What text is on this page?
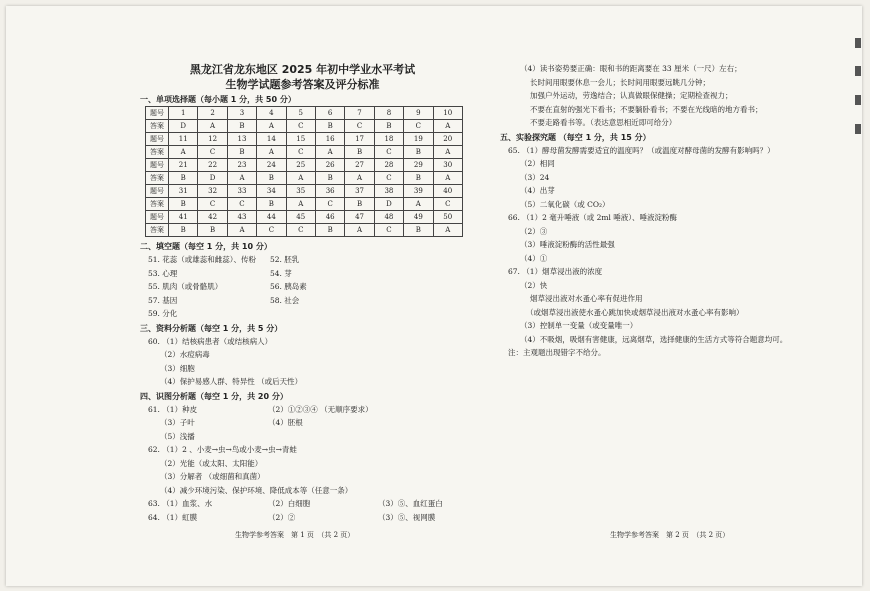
黑龙江省龙东地区 2025 年初中学业水平考试
生物学试题参考答案及评分标准
一、单项选择题（每小题 1 分，共 50 分）
题号	1	2	3	4	5	6	7	8	9	10
答案	D	A	B	A	C	B	C	B	C	A
题号	11	12	13	14	15	16	17	18	19	20
答案	A	C	B	A	C	A	B	C	B	A
题号	21	22	23	24	25	26	27	28	29	30
答案	B	D	A	B	A	B	A	C	B	A
题号	31	32	33	34	35	36	37	38	39	40
答案	B	C	C	B	A	C	B	D	A	C
题号	41	42	43	44	45	46	47	48	49	50
答案	B	B	A	C	C	B	A	C	B	A
二、填空题（每空 1 分，共 10 分）
51. 花蕊（或雄蕊和雌蕊）、传粉	52. 胚乳
53. 心理	54. 芽
55. 肌肉（或骨骼肌）	56. 胰岛素
57. 基因	58. 社会
59. 分化
三、资料分析题（每空 1 分，共 5 分）
60. （1）结核病患者（或结核病人）
（2）水痘病毒
（3）细胞
（4）保护易感人群、特异性 （或后天性）
四、识图分析题（每空 1 分，共 20 分）
61. （1）种皮	（2）①②③④ （无顺序要求）
（3）子叶	（4）胚根
（5）浅播
62. （1）2 、小麦→虫→鸟或小麦→虫→青蛙
（2）光能（或太阳、太阳能）
（3）分解者 （或细菌和真菌）
（4）减少环境污染、保护环境、降低成本等（任意一条）
63. （1）血浆、水	（2）白细胞	（3）⑤、血红蛋白
64. （1）虹膜	（2）②	（3）⑤、视网膜
（4）读书姿势要正确：眼和书的距离要在 33 厘米（一尺）左右；
长时间用眼要休息一会儿；长时间用眼要远眺几分钟；
加强户外运动，劳逸结合；认真做眼保健操；定期检查视力；
不要在直射的强光下看书；不要躺卧看书；不要在光线暗的地方看书；
不要走路看书等。（表达意思相近即可给分）
五、实验探究题 （每空 1 分，共 15 分）
65. （1）酵母菌发酵需要适宜的温度吗？（或温度对酵母菌的发酵有影响吗？）
（2）相同
（3）24
（4）出芽
（5）二氧化碳（或 CO₂）
66. （1）2 毫升唾液（或 2ml 唾液）、唾液淀粉酶
（2）③
（3）唾液淀粉酶的活性最强
（4）①
67. （1）烟草浸出液的浓度
（2）快
烟草浸出液对水蚤心率有促进作用
（或烟草浸出液使水蚤心跳加快或烟草浸出液对水蚤心率有影响）
（3）控制单一变量（或变量唯一）
（4）不吸烟，吸烟有害健康，远离烟草，选择健康的生活方式等符合题意均可。
注：主观题出现错字不给分。
生物学参考答案　第 1 页　（共 2 页）	生物学参考答案　第 2 页　（共 2 页）
